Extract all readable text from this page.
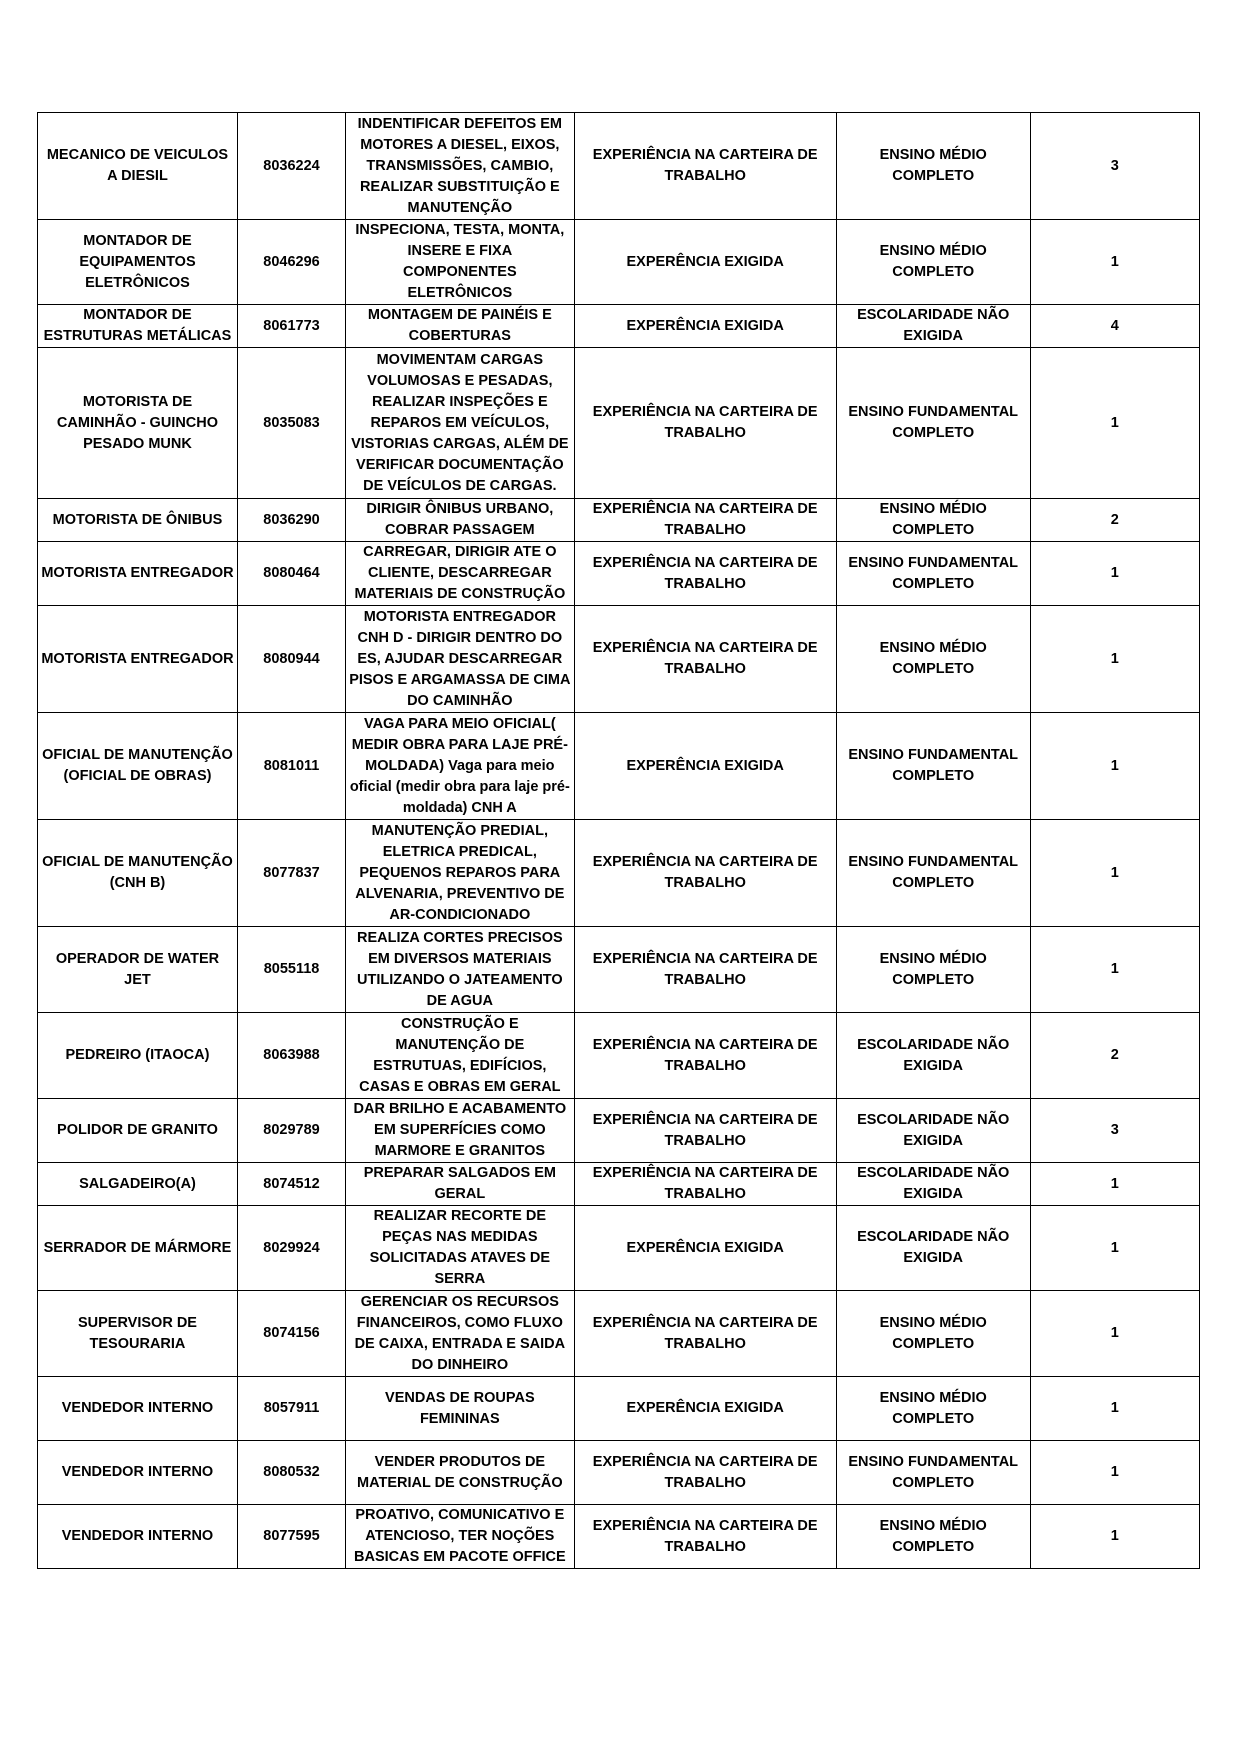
MECANICO DE VEICULOS A DIESIL	8036224	INDENTIFICAR DEFEITOS EM MOTORES A DIESEL, EIXOS, TRANSMISSÕES, CAMBIO, REALIZAR SUBSTITUIÇÃO E MANUTENÇÃO	EXPERIÊNCIA NA CARTEIRA DE TRABALHO	ENSINO MÉDIO COMPLETO	3
MONTADOR DE EQUIPAMENTOS ELETRÔNICOS	8046296	INSPECIONA, TESTA, MONTA, INSERE E FIXA COMPONENTES ELETRÔNICOS	EXPERÊNCIA EXIGIDA	ENSINO MÉDIO COMPLETO	1
MONTADOR DE ESTRUTURAS METÁLICAS	8061773	MONTAGEM DE PAINÉIS E COBERTURAS	EXPERÊNCIA EXIGIDA	ESCOLARIDADE NÃO EXIGIDA	4
MOTORISTA DE CAMINHÃO - GUINCHO PESADO MUNK	8035083	MOVIMENTAM CARGAS VOLUMOSAS E PESADAS, REALIZAR INSPEÇÕES E REPAROS EM VEÍCULOS, VISTORIAS CARGAS, ALÉM DE VERIFICAR DOCUMENTAÇÃO DE VEÍCULOS DE CARGAS.	EXPERIÊNCIA NA CARTEIRA DE TRABALHO	ENSINO FUNDAMENTAL COMPLETO	1
MOTORISTA DE ÔNIBUS	8036290	DIRIGIR ÔNIBUS URBANO, COBRAR PASSAGEM	EXPERIÊNCIA NA CARTEIRA DE TRABALHO	ENSINO MÉDIO COMPLETO	2
MOTORISTA ENTREGADOR	8080464	CARREGAR, DIRIGIR ATE O CLIENTE, DESCARREGAR MATERIAIS DE CONSTRUÇÃO	EXPERIÊNCIA NA CARTEIRA DE TRABALHO	ENSINO FUNDAMENTAL COMPLETO	1
MOTORISTA ENTREGADOR	8080944	MOTORISTA ENTREGADOR CNH D - DIRIGIR DENTRO DO ES, AJUDAR DESCARREGAR PISOS E ARGAMASSA DE CIMA DO CAMINHÃO	EXPERIÊNCIA NA CARTEIRA DE TRABALHO	ENSINO MÉDIO COMPLETO	1
OFICIAL DE MANUTENÇÃO (OFICIAL DE OBRAS)	8081011	VAGA PARA MEIO OFICIAL( MEDIR OBRA PARA LAJE PRÉ-MOLDADA) Vaga para meio oficial (medir obra para laje pré-moldada) CNH A	EXPERÊNCIA EXIGIDA	ENSINO FUNDAMENTAL COMPLETO	1
OFICIAL DE MANUTENÇÃO (CNH B)	8077837	MANUTENÇÃO PREDIAL, ELETRICA PREDICAL, PEQUENOS REPAROS PARA ALVENARIA, PREVENTIVO DE AR-CONDICIONADO	EXPERIÊNCIA NA CARTEIRA DE TRABALHO	ENSINO FUNDAMENTAL COMPLETO	1
OPERADOR DE WATER JET	8055118	REALIZA CORTES PRECISOS EM DIVERSOS MATERIAIS UTILIZANDO O JATEAMENTO DE AGUA	EXPERIÊNCIA NA CARTEIRA DE TRABALHO	ENSINO MÉDIO COMPLETO	1
PEDREIRO (ITAOCA)	8063988	CONSTRUÇÃO E MANUTENÇÃO DE ESTRUTUAS, EDIFÍCIOS, CASAS E OBRAS EM GERAL	EXPERIÊNCIA NA CARTEIRA DE TRABALHO	ESCOLARIDADE NÃO EXIGIDA	2
POLIDOR DE GRANITO	8029789	DAR BRILHO E ACABAMENTO EM SUPERFÍCIES COMO MARMORE E GRANITOS	EXPERIÊNCIA NA CARTEIRA DE TRABALHO	ESCOLARIDADE NÃO EXIGIDA	3
SALGADEIRO(A)	8074512	PREPARAR SALGADOS EM GERAL	EXPERIÊNCIA NA CARTEIRA DE TRABALHO	ESCOLARIDADE NÃO EXIGIDA	1
SERRADOR DE MÁRMORE	8029924	REALIZAR RECORTE DE PEÇAS NAS MEDIDAS SOLICITADAS ATAVES DE SERRA	EXPERÊNCIA EXIGIDA	ESCOLARIDADE NÃO EXIGIDA	1
SUPERVISOR DE TESOURARIA	8074156	GERENCIAR OS RECURSOS FINANCEIROS, COMO FLUXO DE CAIXA, ENTRADA E SAIDA DO DINHEIRO	EXPERIÊNCIA NA CARTEIRA DE TRABALHO	ENSINO MÉDIO COMPLETO	1
VENDEDOR INTERNO	8057911	VENDAS DE ROUPAS FEMININAS	EXPERÊNCIA EXIGIDA	ENSINO MÉDIO COMPLETO	1
VENDEDOR INTERNO	8080532	VENDER PRODUTOS DE MATERIAL DE CONSTRUÇÃO	EXPERIÊNCIA NA CARTEIRA DE TRABALHO	ENSINO FUNDAMENTAL COMPLETO	1
VENDEDOR INTERNO	8077595	PROATIVO, COMUNICATIVO E ATENCIOSO, TER NOÇÕES BASICAS EM PACOTE OFFICE	EXPERIÊNCIA NA CARTEIRA DE TRABALHO	ENSINO MÉDIO COMPLETO	1
